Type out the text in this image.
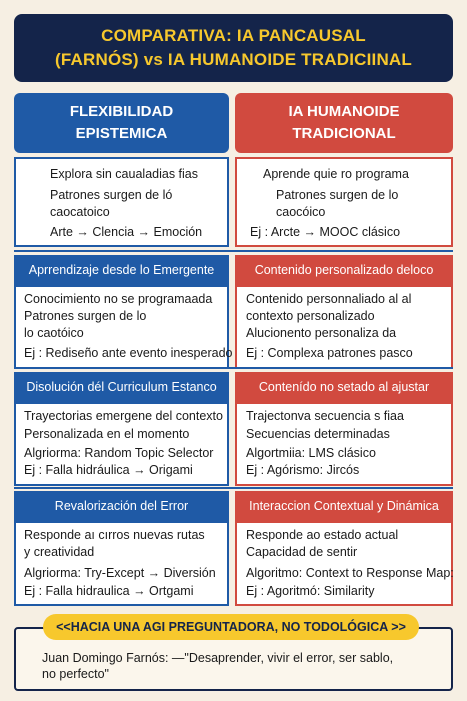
COMPARATIVA: IA PANCAUSAL
(FARNÓS) vs IA HUMANOIDE TRADICIINAL
FLEXIBILIDAD
EPISTEMICA
IA HUMANOIDE
TRADICIONAL
Explora sin caualadias fias
Patrones surgen de ló
caocatoico
Arte → Clencia → Emoción
Aprende quie ro programa
Patrones surgen de lo
caocóico
Ej : Arcte → MOOC clásico
Aprrendizaje desde lo Emergente	Contenido personalizado deloco
Conocimiento no se programaada
Patrones surgen de lo
lo caotóico
Ej : Rediseño ante evento inesperado
Contenido personnaliado al al
contexto personalizado
Alucionento personaliza da
Ej : Complexa patrones pasco
Disolución dél Curriculum Estanco	Contenído no setado al ajustar
Trayectorias emergene del contexto
Personalizada en el momento
Algriorma: Random Topic Selector
Ej : Falla hidráulica → Origami
Trajectonva secuencia s fiaa
Secuencias determinadas
Algortmiia: LMS clásico
Ej : Agórismo: Jircós
Revalorización del Error	Interaccion Contextual y Dinámica
Responde aı cırros nuevas rutas
y creatividad
Algriorma: Try-Except → Diversión
Ej : Falla hidraulica → Ortgami
Responde ao estado actual
Capacidad de sentir
Algoritmo: Context to Response Map:
Ej : Agoritmó: Similarity
<<HACIA UNA AGI PREGUNTADORA, NO TODOLÓGICA >>
Juan Domingo Farnós: —"Desaprender, vivir el error, ser sablo,
no perfecto"
